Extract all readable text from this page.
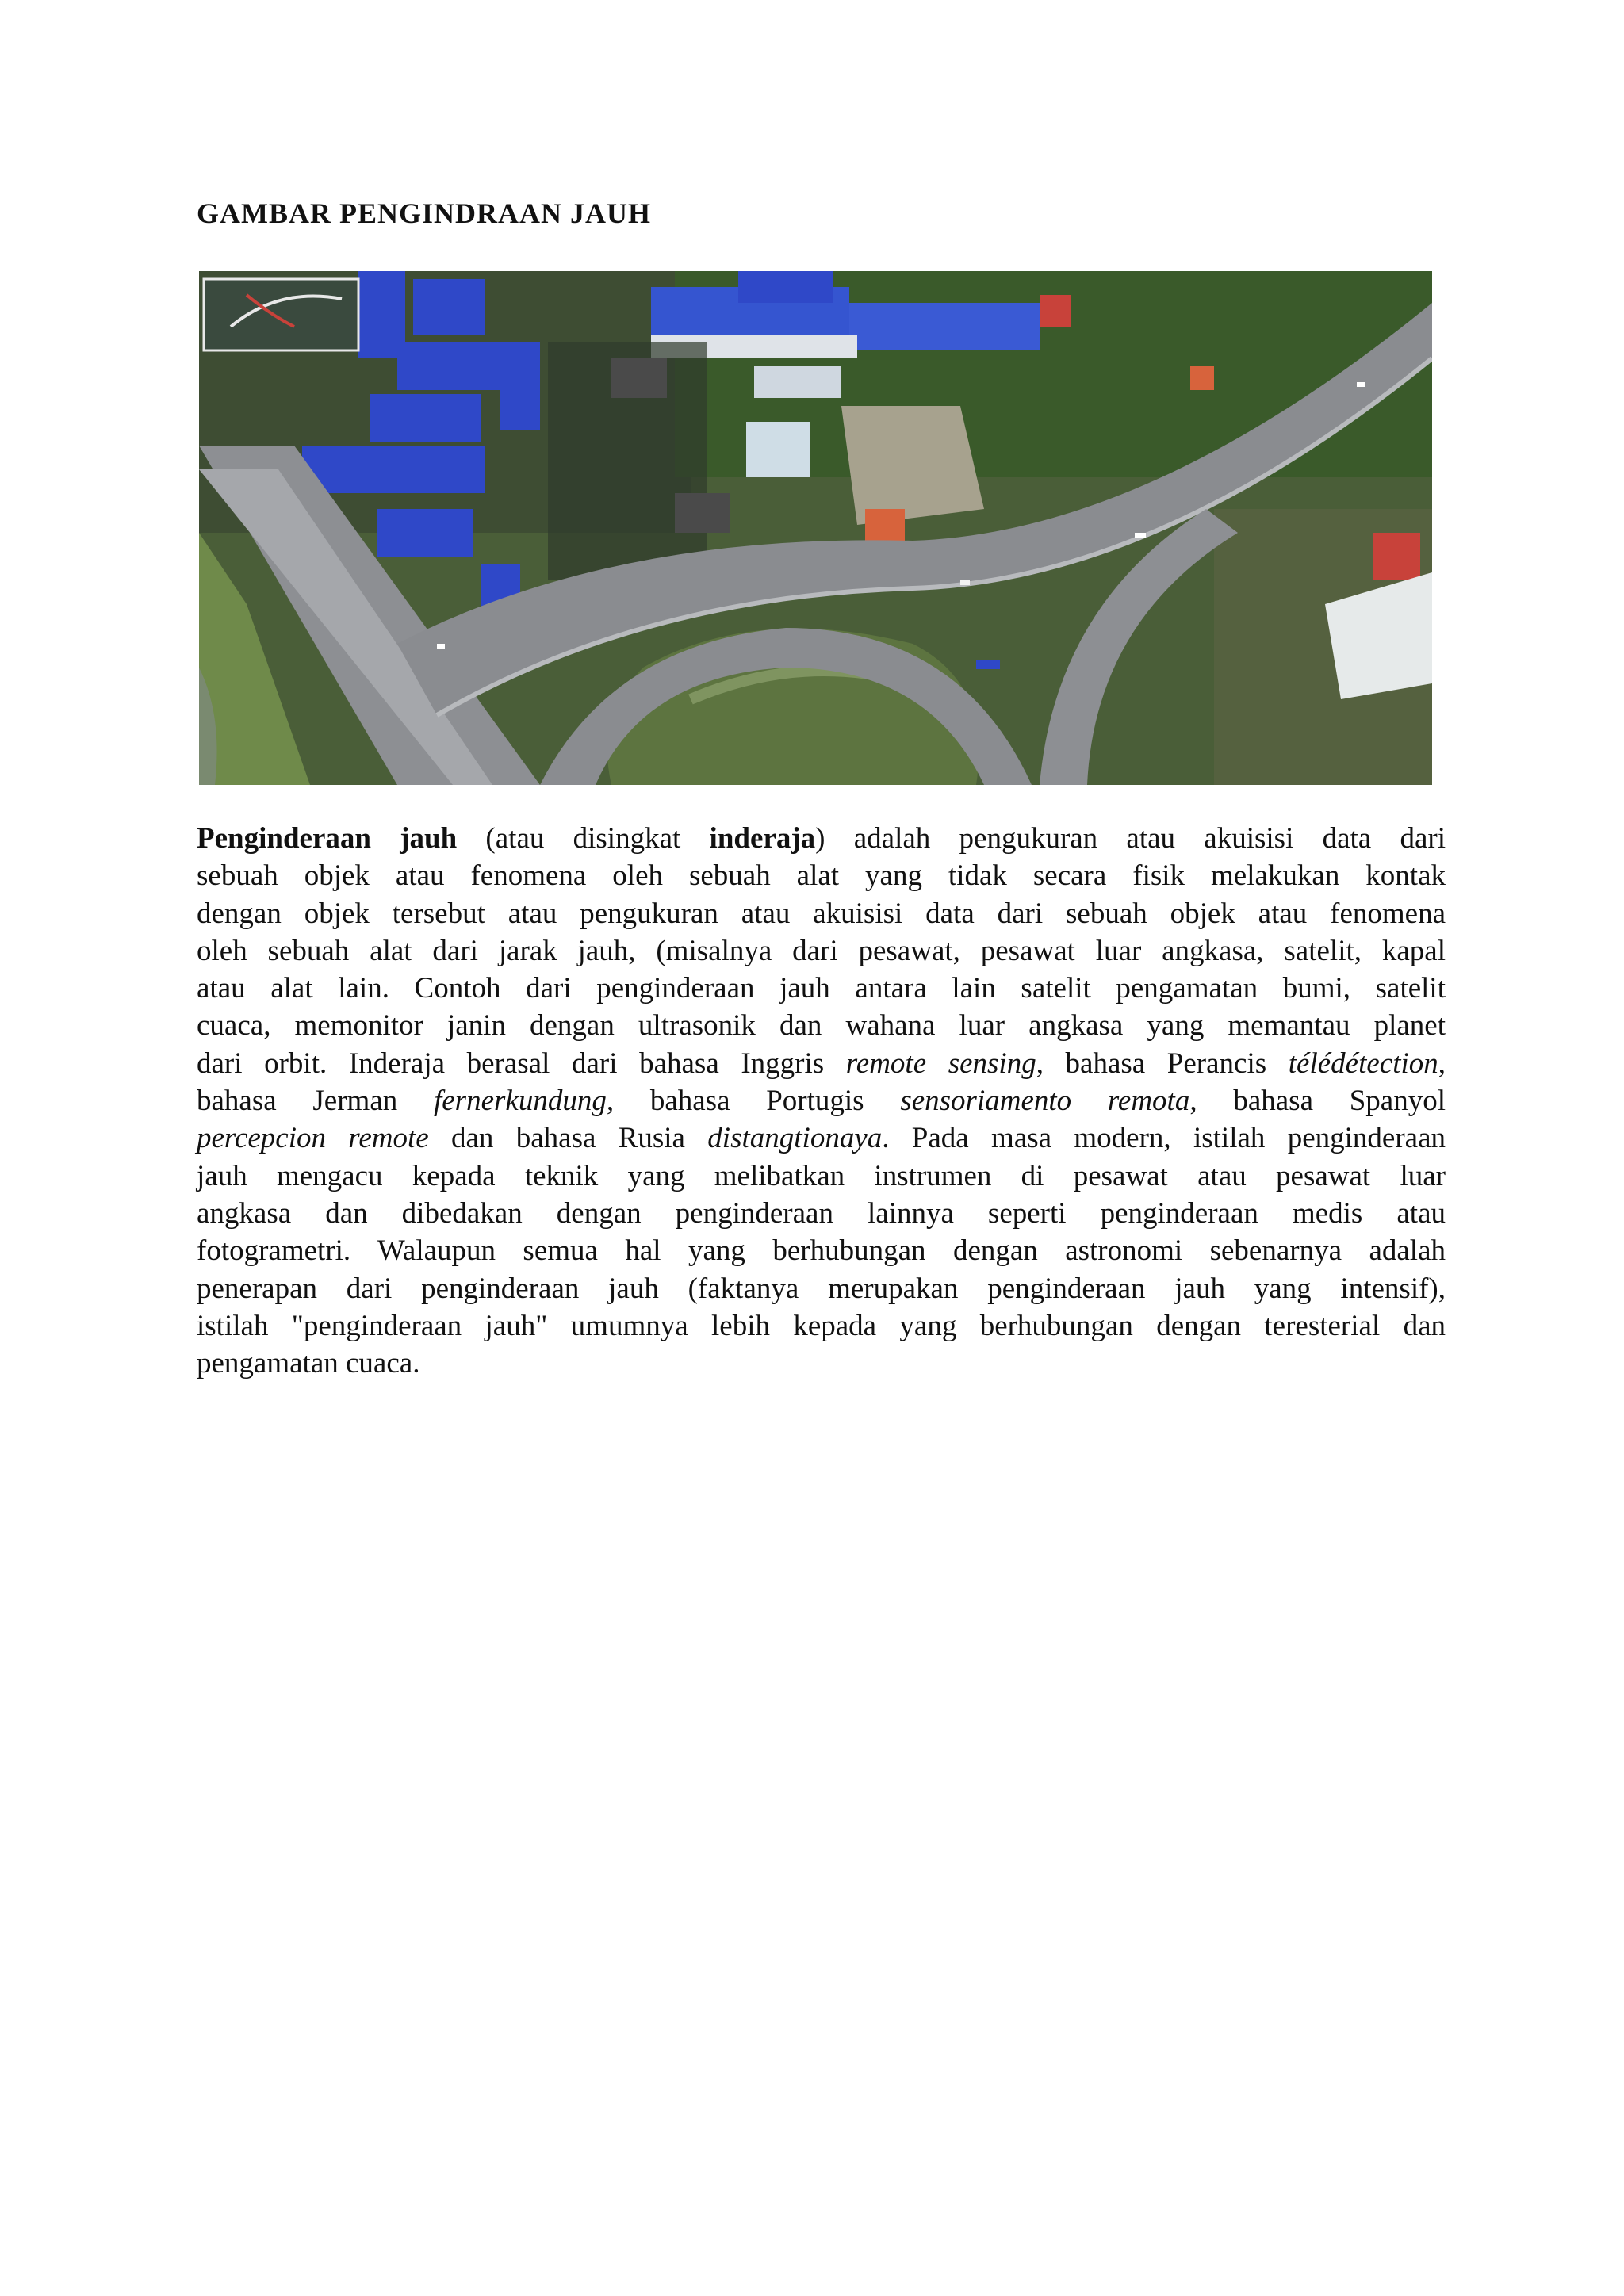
GAMBAR PENGINDRAAN JAUH
Penginderaan jauh (atau disingkat inderaja) adalah pengukuran atau akuisisi data dari
sebuah objek atau fenomena oleh sebuah alat yang tidak secara fisik melakukan kontak
dengan objek tersebut atau pengukuran atau akuisisi data dari sebuah objek atau fenomena
oleh sebuah alat dari jarak jauh, (misalnya dari pesawat, pesawat luar angkasa, satelit, kapal
atau alat lain. Contoh dari penginderaan jauh antara lain satelit pengamatan bumi, satelit
cuaca, memonitor janin dengan ultrasonik dan wahana luar angkasa yang memantau planet
dari orbit. Inderaja berasal dari bahasa Inggris remote sensing, bahasa Perancis télédétection,
bahasa Jerman fernerkundung, bahasa Portugis sensoriamento remota, bahasa Spanyol
percepcion remote dan bahasa Rusia distangtionaya. Pada masa modern, istilah penginderaan
jauh mengacu kepada teknik yang melibatkan instrumen di pesawat atau pesawat luar
angkasa dan dibedakan dengan penginderaan lainnya seperti penginderaan medis atau
fotogrametri. Walaupun semua hal yang berhubungan dengan astronomi sebenarnya adalah
penerapan dari penginderaan jauh (faktanya merupakan penginderaan jauh yang intensif),
istilah "penginderaan jauh" umumnya lebih kepada yang berhubungan dengan teresterial dan
pengamatan cuaca.
